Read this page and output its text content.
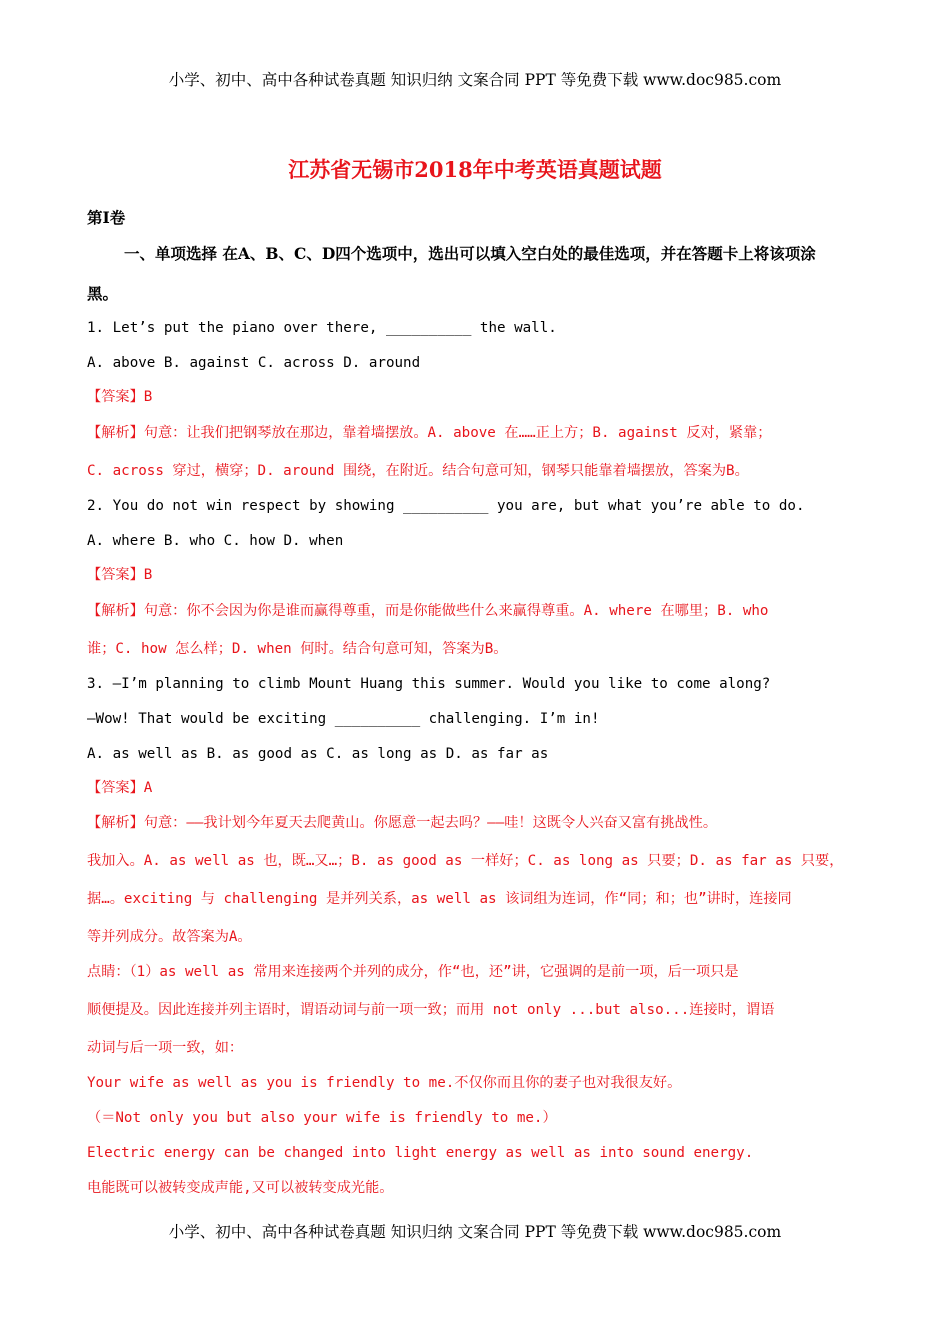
小学、初中、高中各种试卷真题 知识归纳 文案合同 PPT 等免费下载 www.doc985.com
江苏省无锡市2018年中考英语真题试题
第Ⅰ卷
一、单项选择 在A、B、C、D四个选项中，选出可以填入空白处的最佳选项，并在答题卡上将该项涂
黑。
1. Let’s put the piano over there, __________ the wall.
A. above B. against C. across D. around
【答案】B
【解析】句意：让我们把钢琴放在那边，靠着墙摆放。A. above 在……正上方；B. against 反对，紧靠；
C. across 穿过，横穿；D. around 围绕，在附近。结合句意可知，钢琴只能靠着墙摆放，答案为B。
2. You do not win respect by showing __________ you are, but what you’re able to do.
A. where B. who C. how D. when
【答案】B
【解析】句意：你不会因为你是谁而赢得尊重，而是你能做些什么来赢得尊重。A. where 在哪里；B. who
谁；C. how 怎么样；D. when 何时。结合句意可知，答案为B。
3. —I’m planning to climb Mount Huang this summer. Would you like to come along?
—Wow! That would be exciting __________ challenging. I’m in!
A. as well as B. as good as C. as long as D. as far as
【答案】A
【解析】句意：——我计划今年夏天去爬黄山。你愿意一起去吗？——哇！这既令人兴奋又富有挑战性。
我加入。A. as well as 也，既…又…；B. as good as 一样好；C. as long as 只要；D. as far as 只要，
据…。exciting 与 challenging 是并列关系，as well as 该词组为连词，作“同；和；也”讲时，连接同
等并列成分。故答案为A。
点睛：（1）as well as 常用来连接两个并列的成分，作“也，还”讲，它强调的是前一项，后一项只是
顺便提及。因此连接并列主语时，谓语动词与前一项一致；而用 not only ...but also...连接时，谓语
动词与后一项一致，如：
Your wife as well as you is friendly to me.不仅你而且你的妻子也对我很友好。
（＝Not only you but also your wife is friendly to me.）
Electric energy can be changed into light energy as well as into sound energy.
电能既可以被转变成声能,又可以被转变成光能。
小学、初中、高中各种试卷真题 知识归纳 文案合同 PPT 等免费下载 www.doc985.com
